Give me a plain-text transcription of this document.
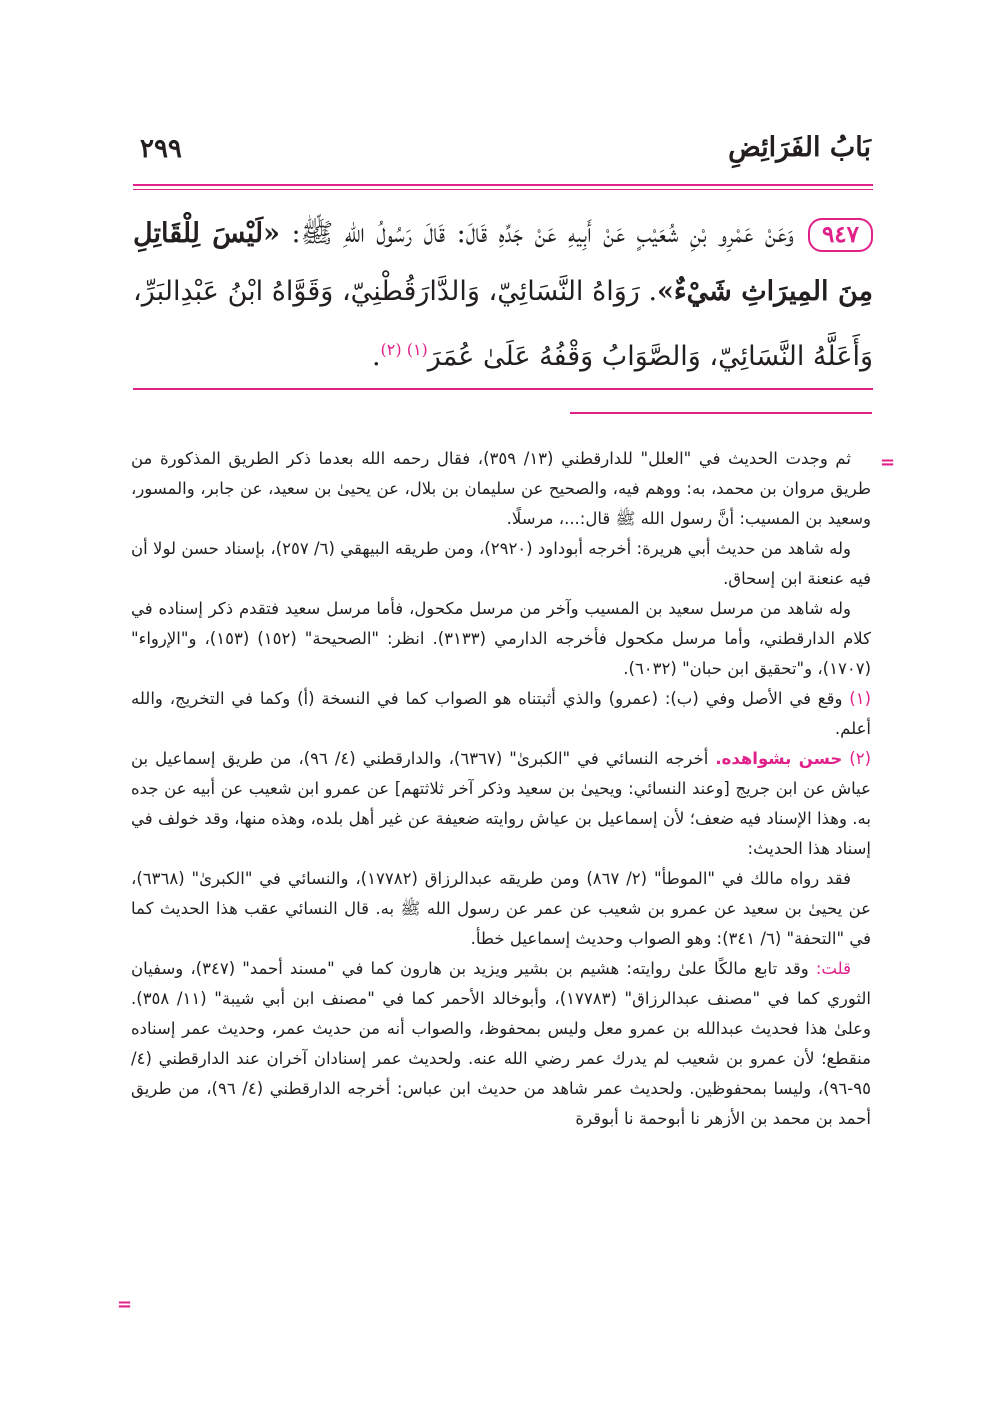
بَابُ الفَرَائِضِ
٢٩٩
٩٤٧وَعَنْ عَمْرِو بْنِ شُعَيْبٍ عَنْ أَبِيهِ عَنْ جَدِّهِ قَالَ: قَالَ رَسُولُ اللهِ ﷺ: «لَيْسَ لِلْقَاتِلِ مِنَ المِيرَاثِ شَيْءٌ». رَوَاهُ النَّسَائِيّ، وَالدَّارَقُطْنِيّ، وَقَوَّاهُ ابْنُ عَبْدِالبَرِّ، وَأَعَلَّهُ النَّسَائِيّ، وَالصَّوَابُ وَقْفُهُ عَلَىٰ عُمَرَ$^{(١) (٢)}$.
=

ثم وجدت الحديث في "العلل" للدارقطني (١٣/ ٣٥٩)، فقال رحمه الله بعدما ذكر الطريق المذكورة من طريق مروان بن محمد، به: ووهم فيه، والصحيح عن سليمان بن بلال، عن يحيىٰ بن سعيد، عن جابر، والمسور، وسعيد بن المسيب: أنَّ رسول الله ﷺ قال:...، مرسلًا.

وله شاهد من حديث أبي هريرة: أخرجه أبوداود (٢٩٢٠)، ومن طريقه البيهقي (٦/ ٢٥٧)، بإسناد حسن لولا أن فيه عنعنة ابن إسحاق.

وله شاهد من مرسل سعيد بن المسيب وآخر من مرسل مكحول، فأما مرسل سعيد فتقدم ذكر إسناده في كلام الدارقطني، وأما مرسل مكحول فأخرجه الدارمي (٣١٣٣). انظر: "الصحيحة" (١٥٢) (١٥٣)، و"الإرواء" (١٧٠٧)، و"تحقيق ابن حبان" (٦٠٣٢).

(١) وقع في الأصل وفي (ب): (عمرو) والذي أثبتناه هو الصواب كما في النسخة (أ) وكما في التخريج، والله أعلم.

(٢) حسن بشواهده. أخرجه النسائي في "الكبرىٰ" (٦٣٦٧)، والدارقطني (٤/ ٩٦)، من طريق إسماعيل بن عياش عن ابن جريج [وعند النسائي: ويحيىٰ بن سعيد وذكر آخر ثلاثتهم] عن عمرو ابن شعيب عن أبيه عن جده به. وهذا الإسناد فيه ضعف؛ لأن إسماعيل بن عياش روايته ضعيفة عن غير أهل بلده، وهذه منها، وقد خولف في إسناد هذا الحديث:

فقد رواه مالك في "الموطأ" (٢/ ٨٦٧) ومن طريقه عبدالرزاق (١٧٧٨٢)، والنسائي في "الكبرىٰ" (٦٣٦٨)، عن يحيىٰ بن سعيد عن عمرو بن شعيب عن عمر عن رسول الله ﷺ به. قال النسائي عقب هذا الحديث كما في "التحفة" (٦/ ٣٤١): وهو الصواب وحديث إسماعيل خطأ.

قلت: وقد تابع مالكًا علىٰ روايته: هشيم بن بشير ويزيد بن هارون كما في "مسند أحمد" (٣٤٧)، وسفيان الثوري كما في "مصنف عبدالرزاق" (١٧٧٨٣)، وأبوخالد الأحمر كما في "مصنف ابن أبي شيبة" (١١/ ٣٥٨). وعلىٰ هذا فحديث عبدالله بن عمرو معل وليس بمحفوظ، والصواب أنه من حديث عمر، وحديث عمر إسناده منقطع؛ لأن عمرو بن شعيب لم يدرك عمر رضي الله عنه. ولحديث عمر إسنادان آخران عند الدارقطني (٤/ ٩٥-٩٦)، وليسا بمحفوظين. ولحديث عمر شاهد من حديث ابن عباس: أخرجه الدارقطني (٤/ ٩٦)، من طريق أحمد بن محمد بن الأزهر نا أبوحمة نا أبوقرة

=
